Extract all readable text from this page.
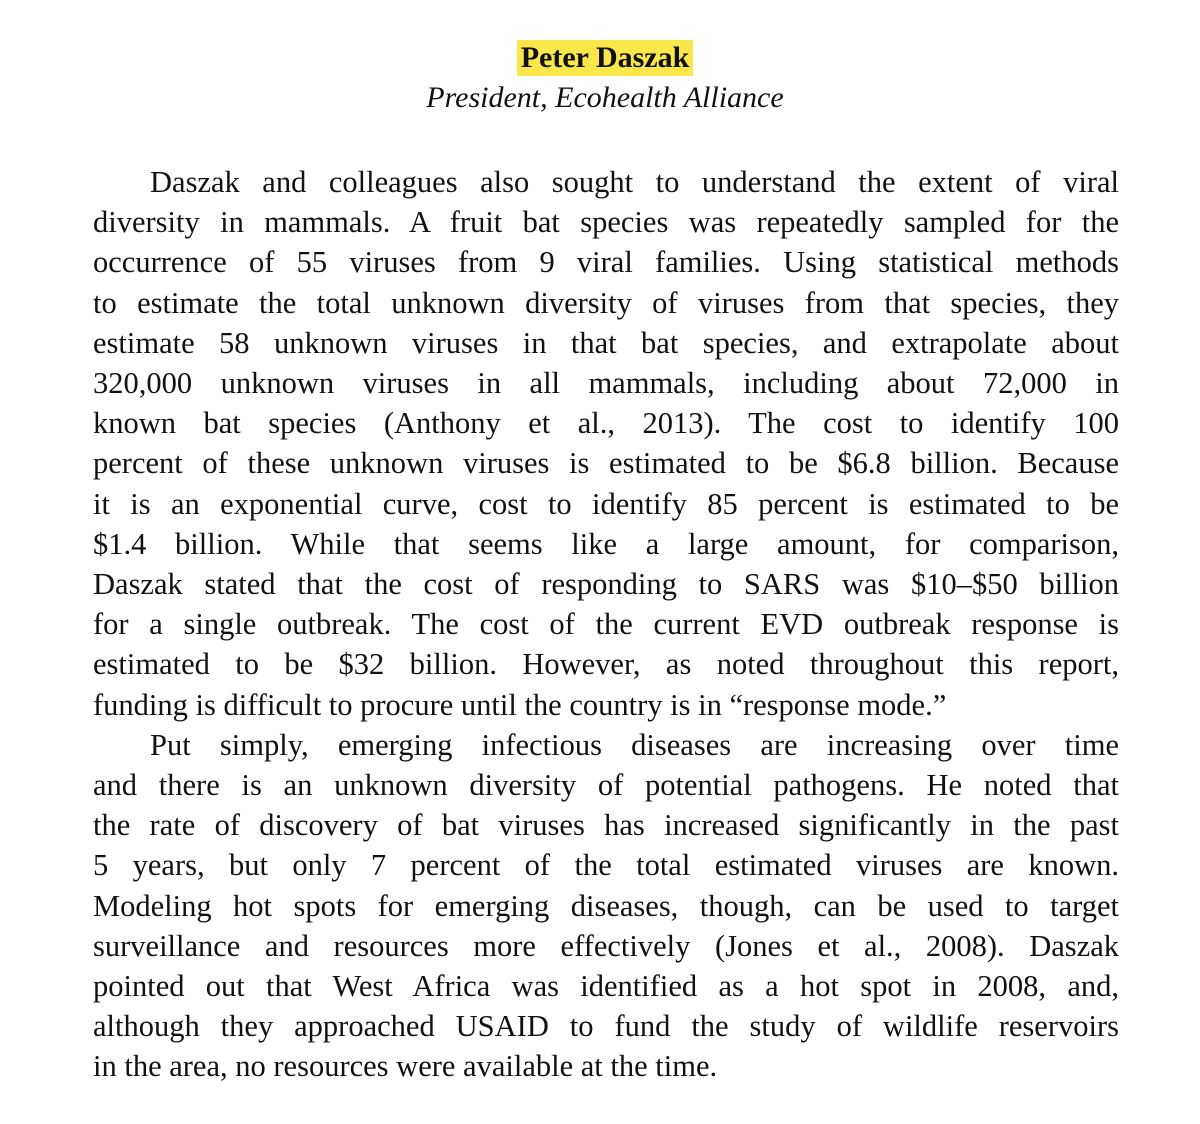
Peter Daszak
President, Ecohealth Alliance

Daszak and colleagues also sought to understand the extent of viral
diversity in mammals. A fruit bat species was repeatedly sampled for the
occurrence of 55 viruses from 9 viral families. Using statistical methods
to estimate the total unknown diversity of viruses from that species, they
estimate 58 unknown viruses in that bat species, and extrapolate about
320,000 unknown viruses in all mammals, including about 72,000 in
known bat species (Anthony et al., 2013). The cost to identify 100
percent of these unknown viruses is estimated to be $6.8 billion. Because
it is an exponential curve, cost to identify 85 percent is estimated to be
$1.4 billion. While that seems like a large amount, for comparison,
Daszak stated that the cost of responding to SARS was $10–$50 billion
for a single outbreak. The cost of the current EVD outbreak response is
estimated to be $32 billion. However, as noted throughout this report,
funding is difficult to procure until the country is in “response mode.”

Put simply, emerging infectious diseases are increasing over time
and there is an unknown diversity of potential pathogens. He noted that
the rate of discovery of bat viruses has increased significantly in the past
5 years, but only 7 percent of the total estimated viruses are known.
Modeling hot spots for emerging diseases, though, can be used to target
surveillance and resources more effectively (Jones et al., 2008). Daszak
pointed out that West Africa was identified as a hot spot in 2008, and,
although they approached USAID to fund the study of wildlife reservoirs
in the area, no resources were available at the time.
